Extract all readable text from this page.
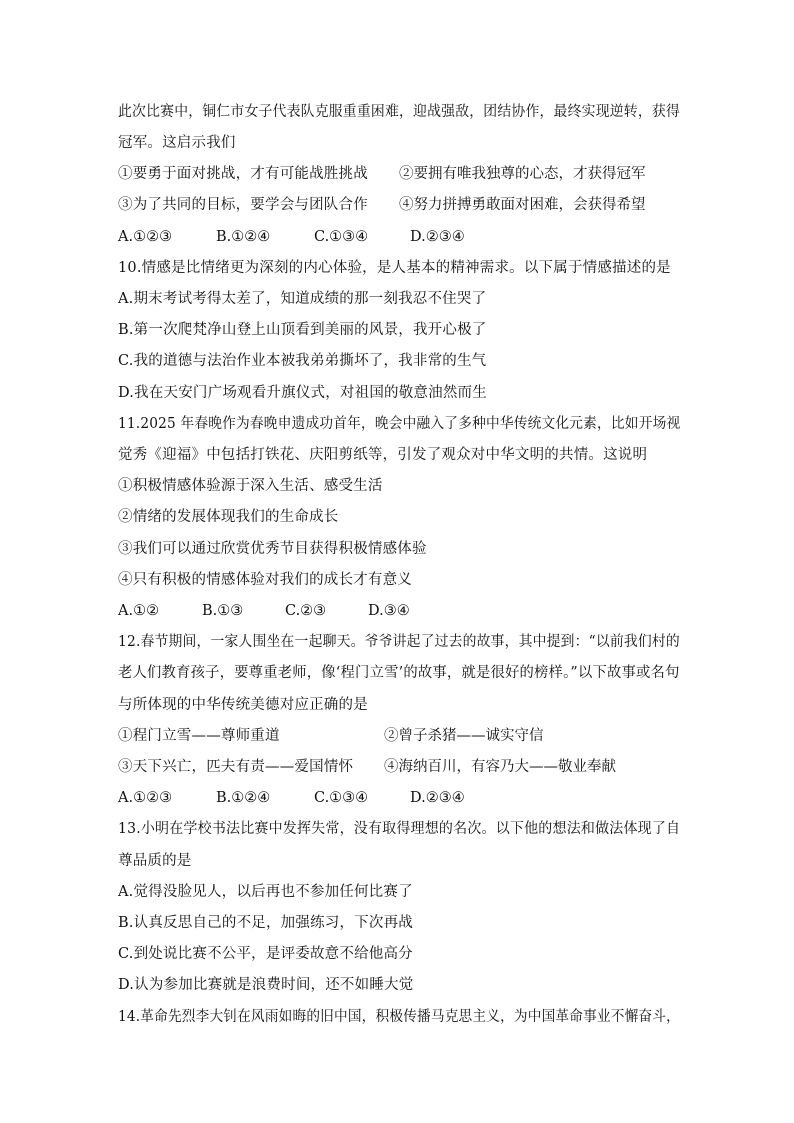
此次比赛中，铜仁市女子代表队克服重重困难，迎战强敌，团结协作，最终实现逆转，获得
冠军。这启示我们
①要勇于面对挑战，才有可能战胜挑战 ②要拥有唯我独尊的心态，才获得冠军
③为了共同的目标，要学会与团队合作 ④努力拼搏勇敢面对困难，会获得希望
A.①②③	B.①②④	C.①③④	D.②③④
10.情感是比情绪更为深刻的内心体验，是人基本的精神需求。以下属于情感描述的是
A.期末考试考得太差了，知道成绩的那一刻我忍不住哭了
B.第一次爬梵净山登上山顶看到美丽的风景，我开心极了
C.我的道德与法治作业本被我弟弟撕坏了，我非常的生气
D.我在天安门广场观看升旗仪式，对祖国的敬意油然而生
11.2025 年春晚作为春晚申遗成功首年，晚会中融入了多种中华传统文化元素，比如开场视
觉秀《迎福》中包括打铁花、庆阳剪纸等，引发了观众对中华文明的共情。这说明
①积极情感体验源于深入生活、感受生活
②情绪的发展体现我们的生命成长
③我们可以通过欣赏优秀节目获得积极情感体验
④只有积极的情感体验对我们的成长才有意义
A.①②	B.①③	C.②③	D.③④
12.春节期间，一家人围坐在一起聊天。爷爷讲起了过去的故事，其中提到：“以前我们村的
老人们教育孩子，要尊重老师，像‘程门立雪’的故事，就是很好的榜样。”以下故事或名句
与所体现的中华传统美德对应正确的是
①程门立雪——尊师重道	②曾子杀猪——诚实守信
③天下兴亡，匹夫有责——爱国情怀 ④海纳百川，有容乃大——敬业奉献
A.①②③	B.①②④	C.①③④	D.②③④
13.小明在学校书法比赛中发挥失常，没有取得理想的名次。以下他的想法和做法体现了自
尊品质的是
A.觉得没脸见人，以后再也不参加任何比赛了
B.认真反思自己的不足，加强练习，下次再战
C.到处说比赛不公平，是评委故意不给他高分
D.认为参加比赛就是浪费时间，还不如睡大觉
14.革命先烈李大钊在风雨如晦的旧中国，积极传播马克思主义，为中国革命事业不懈奋斗，
